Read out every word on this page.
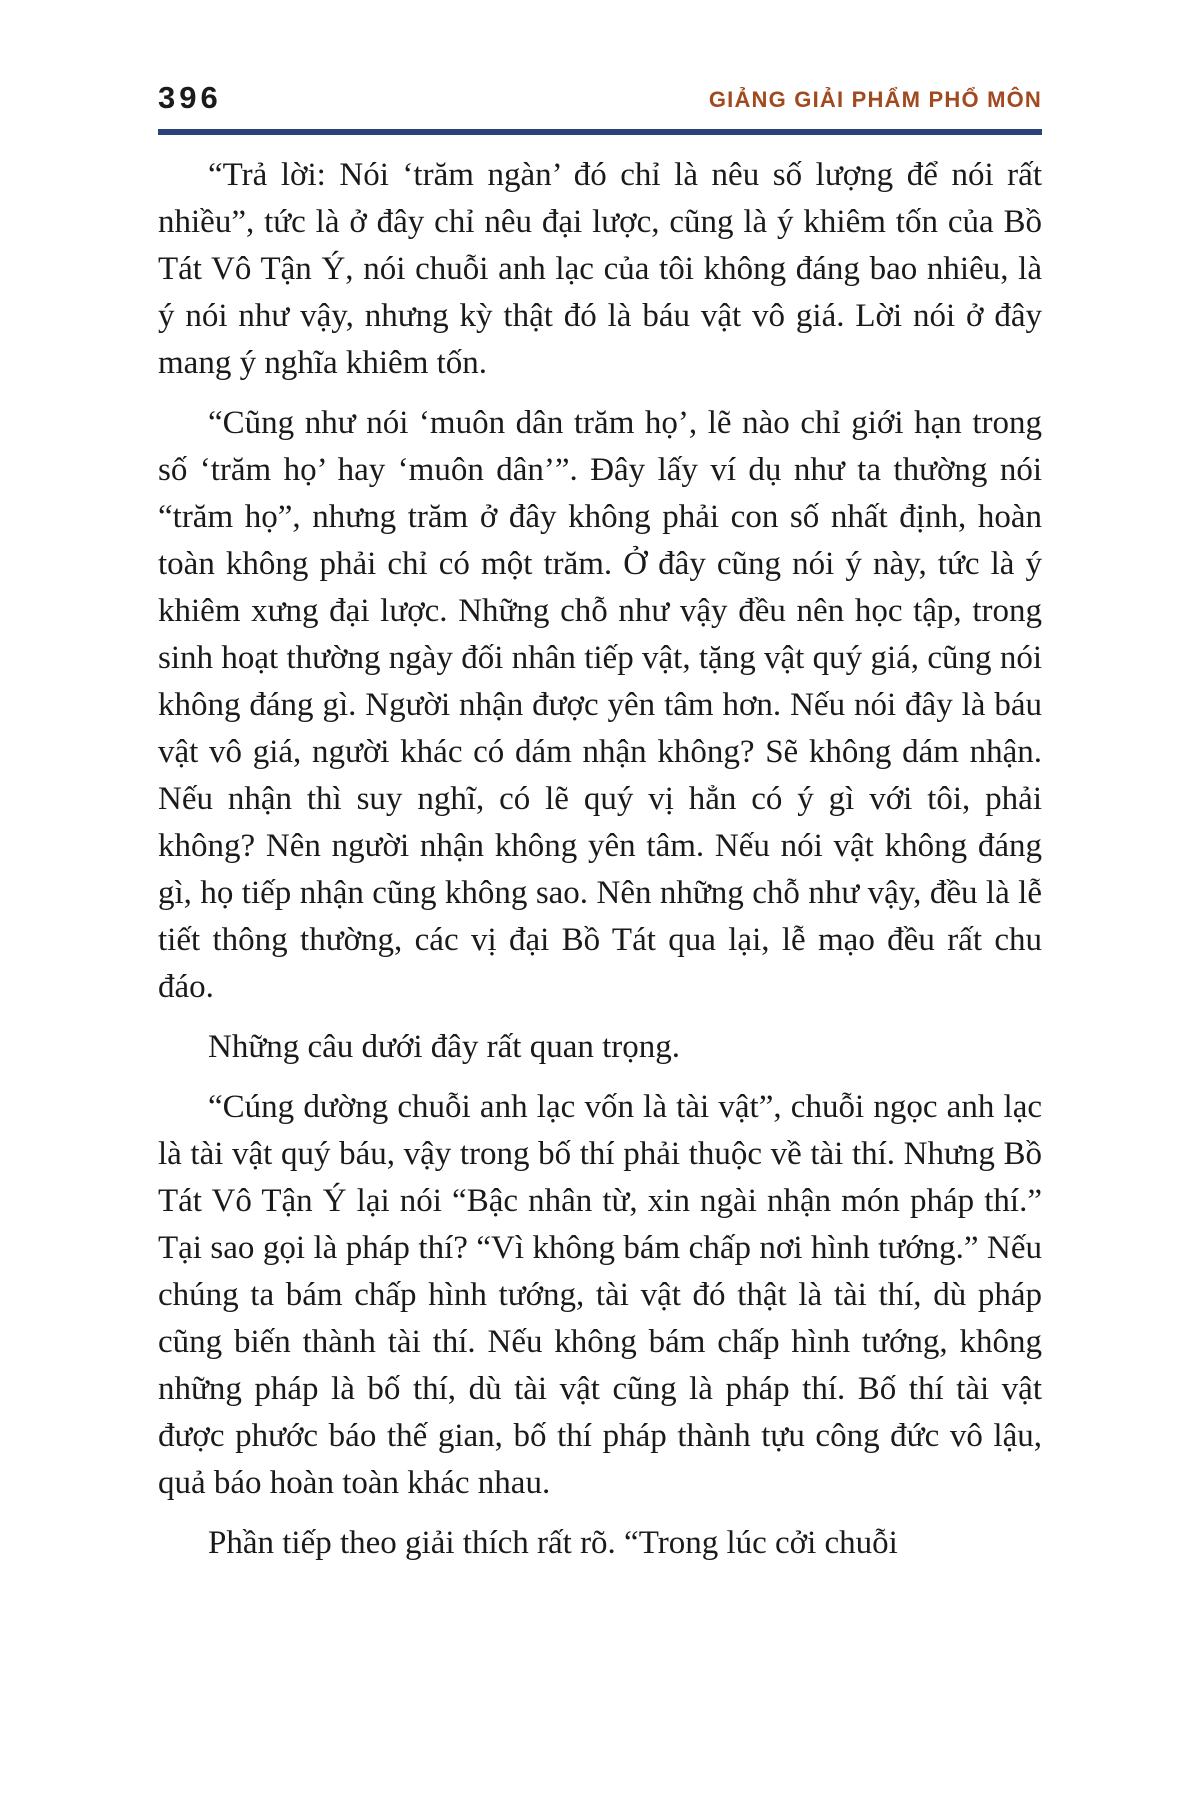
396	GIẢNG GIẢI PHẨM PHỔ MÔN

“Trả lời: Nói ‘trăm ngàn’ đó chỉ là nêu số lượng để nói rất nhiều”, tức là ở đây chỉ nêu đại lược, cũng là ý khiêm tốn của Bồ Tát Vô Tận Ý, nói chuỗi anh lạc của tôi không đáng bao nhiêu, là ý nói như vậy, nhưng kỳ thật đó là báu vật vô giá. Lời nói ở đây mang ý nghĩa khiêm tốn.

“Cũng như nói ‘muôn dân trăm họ’, lẽ nào chỉ giới hạn trong số ‘trăm họ’ hay ‘muôn dân’”. Đây lấy ví dụ như ta thường nói “trăm họ”, nhưng trăm ở đây không phải con số nhất định, hoàn toàn không phải chỉ có một trăm. Ở đây cũng nói ý này, tức là ý khiêm xưng đại lược. Những chỗ như vậy đều nên học tập, trong sinh hoạt thường ngày đối nhân tiếp vật, tặng vật quý giá, cũng nói không đáng gì. Người nhận được yên tâm hơn. Nếu nói đây là báu vật vô giá, người khác có dám nhận không? Sẽ không dám nhận. Nếu nhận thì suy nghĩ, có lẽ quý vị hẳn có ý gì với tôi, phải không? Nên người nhận không yên tâm. Nếu nói vật không đáng gì, họ tiếp nhận cũng không sao. Nên những chỗ như vậy, đều là lễ tiết thông thường, các vị đại Bồ Tát qua lại, lễ mạo đều rất chu đáo.

Những câu dưới đây rất quan trọng.

“Cúng dường chuỗi anh lạc vốn là tài vật”, chuỗi ngọc anh lạc là tài vật quý báu, vậy trong bố thí phải thuộc về tài thí. Nhưng Bồ Tát Vô Tận Ý lại nói “Bậc nhân từ, xin ngài nhận món pháp thí.” Tại sao gọi là pháp thí? “Vì không bám chấp nơi hình tướng.” Nếu chúng ta bám chấp hình tướng, tài vật đó thật là tài thí, dù pháp cũng biến thành tài thí. Nếu không bám chấp hình tướng, không những pháp là bố thí, dù tài vật cũng là pháp thí. Bố thí tài vật được phước báo thế gian, bố thí pháp thành tựu công đức vô lậu, quả báo hoàn toàn khác nhau.

Phần tiếp theo giải thích rất rõ. “Trong lúc cởi chuỗi
